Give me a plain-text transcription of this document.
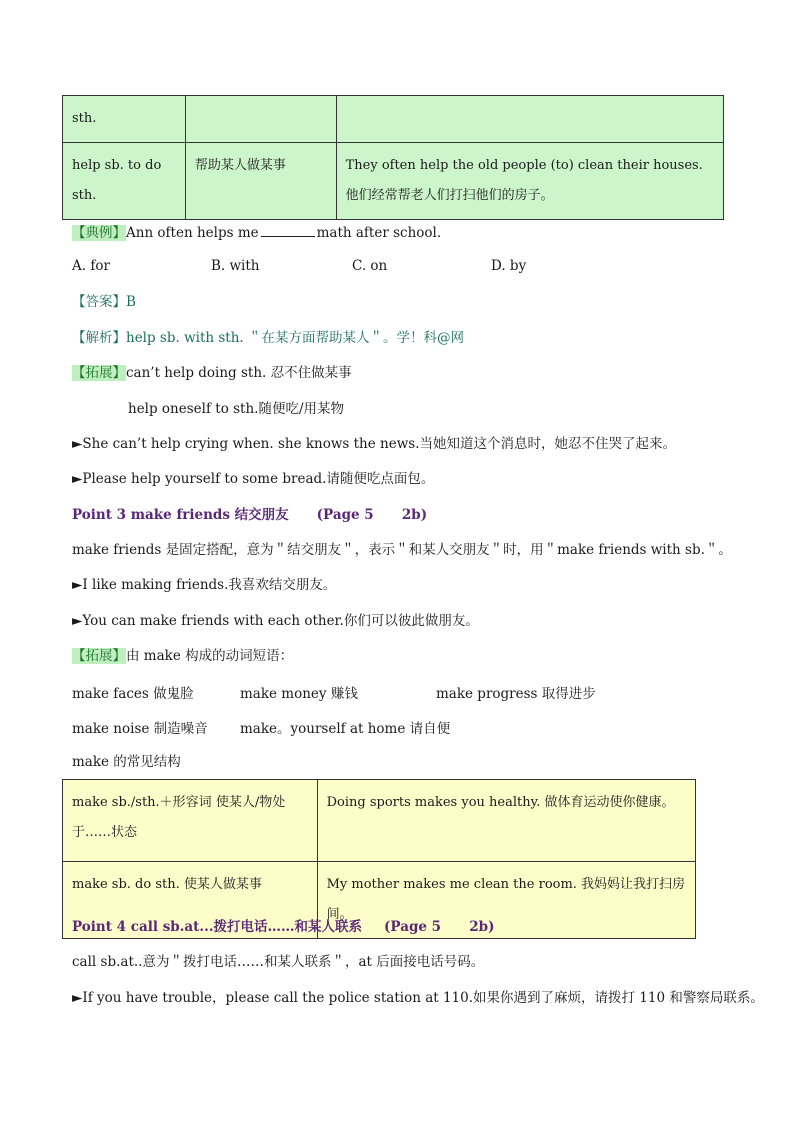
sth.		
help sb. to do sth.	帮助某人做某事	They often help the old people (to) clean their houses. 他们经常帮老人们打扫他们的房子。
【典例】Ann often helps me	math after school.
A. for	B. with	C. on	D. by
【答案】B
【解析】help sb. with sth. ＂在某方面帮助某人＂。学！科@网
【拓展】can’t help doing sth. 忍不住做某事
help oneself to sth.随便吃/用某物
►She can’t help crying when. she knows the news.当她知道这个消息时，她忍不住哭了起来。
►Please help yourself to some bread.请随便吃点面包。
Point 3 make friends 结交朋友 (Page 5      2b)
make friends 是固定搭配，意为＂结交朋友＂，表示＂和某人交朋友＂时，用＂make friends with sb.＂。
►I like making friends.我喜欢结交朋友。
►You can make friends with each other.你们可以彼此做朋友。
【拓展】由 make 构成的动词短语：
make faces 做鬼脸	make money 赚钱	make progress 取得进步
make noise 制造噪音 make。yourself at home 请自便
make 的常见结构
make sb./sth.＋形容词 使某人/物处于……状态	Doing sports makes you healthy. 做体育运动使你健康。
make sb. do sth. 使某人做某事	My mother makes me clean the room. 我妈妈让我打扫房间。
Point 4 call sb.at...拨打电话……和某人联系 (Page 5      2b)
call sb.at..意为＂拨打电话……和某人联系＂，at 后面接电话号码。
►If you have trouble，please call the police station at 110.如果你遇到了麻烦，请拨打 110 和警察局联系。
